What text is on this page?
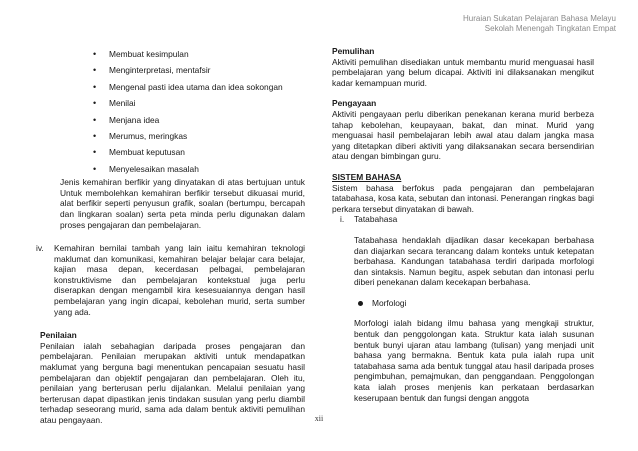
Huraian Sukatan Pelajaran Bahasa Melayu
Sekolah Menengah Tingkatan Empat
• Membuat kesimpulan
• Menginterpretasi, mentafsir
• Mengenal pasti idea utama dan idea sokongan
• Menilai
• Menjana idea
• Merumus, meringkas
• Membuat keputusan
• Menyelesaikan masalah
Jenis kemahiran berfikir yang dinyatakan di atas bertujuan untuk Untuk membolehkan kemahiran berfikir tersebut dikuasai murid, alat berfikir seperti penyusun grafik, soalan (bertumpu, bercapah dan lingkaran soalan) serta peta minda perlu digunakan dalam proses pengajaran dan pembelajaran.
iv. Kemahiran bernilai tambah yang lain iaitu kemahiran teknologi maklumat dan komunikasi, kemahiran belajar belajar cara belajar, kajian masa depan, kecerdasan pelbagai, pembelajaran konstruktivisme dan pembelajaran kontekstual juga perlu diserapkan dengan mengambil kira kesesuaiannya dengan hasil pembelajaran yang ingin dicapai, kebolehan murid, serta sumber yang ada.
Penilaian
Penilaian ialah sebahagian daripada proses pengajaran dan pembelajaran. Penilaian merupakan aktiviti untuk mendapatkan maklumat yang berguna bagi menentukan pencapaian sesuatu hasil pembelajaran dan objektif pengajaran dan pembelajaran. Oleh itu, penilaian yang berterusan perlu dijalankan. Melalui penilaian yang berterusan dapat dipastikan jenis tindakan susulan yang perlu diambil terhadap seseorang murid, sama ada dalam bentuk aktiviti pemulihan atau pengayaan.
Pemulihan
Aktiviti pemulihan disediakan untuk membantu murid menguasai hasil pembelajaran yang belum dicapai. Aktiviti ini dilaksanakan mengikut kadar kemampuan murid.
Pengayaan
Aktiviti pengayaan perlu diberikan penekanan kerana murid berbeza tahap kebolehan, keupayaan, bakat, dan minat. Murid yang menguasai hasil pembelajaran lebih awal atau dalam jangka masa yang ditetapkan diberi aktiviti yang dilaksanakan secara bersendirian atau dengan bimbingan guru.
SISTEM BAHASA
Sistem bahasa berfokus pada pengajaran dan pembelajaran tatabahasa, kosa kata, sebutan dan intonasi. Penerangan ringkas bagi perkara tersebut dinyatakan di bawah.
i. Tatabahasa
Tatabahasa hendaklah dijadikan dasar kecekapan berbahasa dan diajarkan secara terancang dalam konteks untuk ketepatan berbahasa. Kandungan tatabahasa terdiri daripada morfologi dan sintaksis. Namun begitu, aspek sebutan dan intonasi perlu diberi penekanan dalam kecekapan berbahasa.
Morfologi
Morfologi ialah bidang ilmu bahasa yang mengkaji struktur, bentuk dan penggolongan kata. Struktur kata ialah susunan bentuk bunyi ujaran atau lambang (tulisan) yang menjadi unit bahasa yang bermakna. Bentuk kata pula ialah rupa unit tatabahasa sama ada bentuk tunggal atau hasil daripada proses pengimbuhan, pemajmukan, dan penggandaan. Penggolongan kata ialah proses menjenis kan perkataan berdasarkan keserupaan bentuk dan fungsi dengan anggota
xii
